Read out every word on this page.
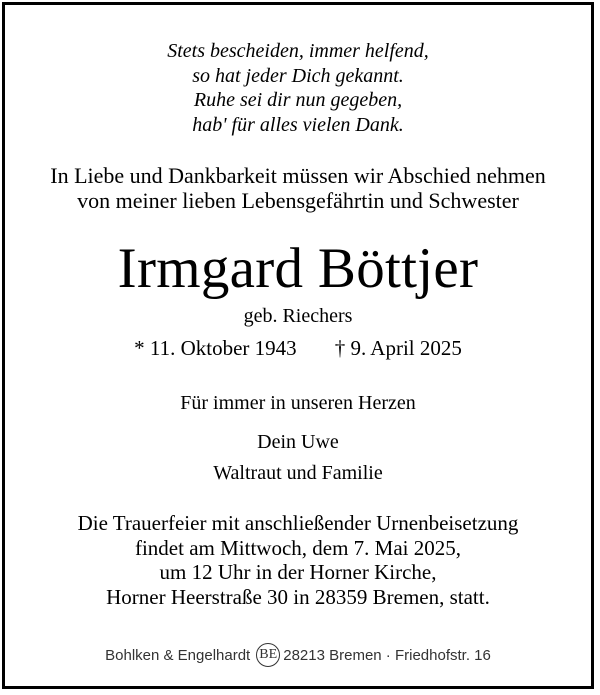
Stets bescheiden, immer helfend,
so hat jeder Dich gekannt.
Ruhe sei dir nun gegeben,
hab' für alles vielen Dank.
In Liebe und Dankbarkeit müssen wir Abschied nehmen
von meiner lieben Lebensgefährtin und Schwester
Irmgard Böttjer
geb. Riechers
* 11. Oktober 1943 † 9. April 2025
Für immer in unseren Herzen
Dein Uwe
Waltraut und Familie
Die Trauerfeier mit anschließender Urnenbeisetzung
findet am Mittwoch, dem 7. Mai 2025,
um 12 Uhr in der Horner Kirche,
Horner Heerstraße 30 in 28359 Bremen, statt.
Bohlken & Engelhardt BE 28213 Bremen · Friedhofstr. 16
